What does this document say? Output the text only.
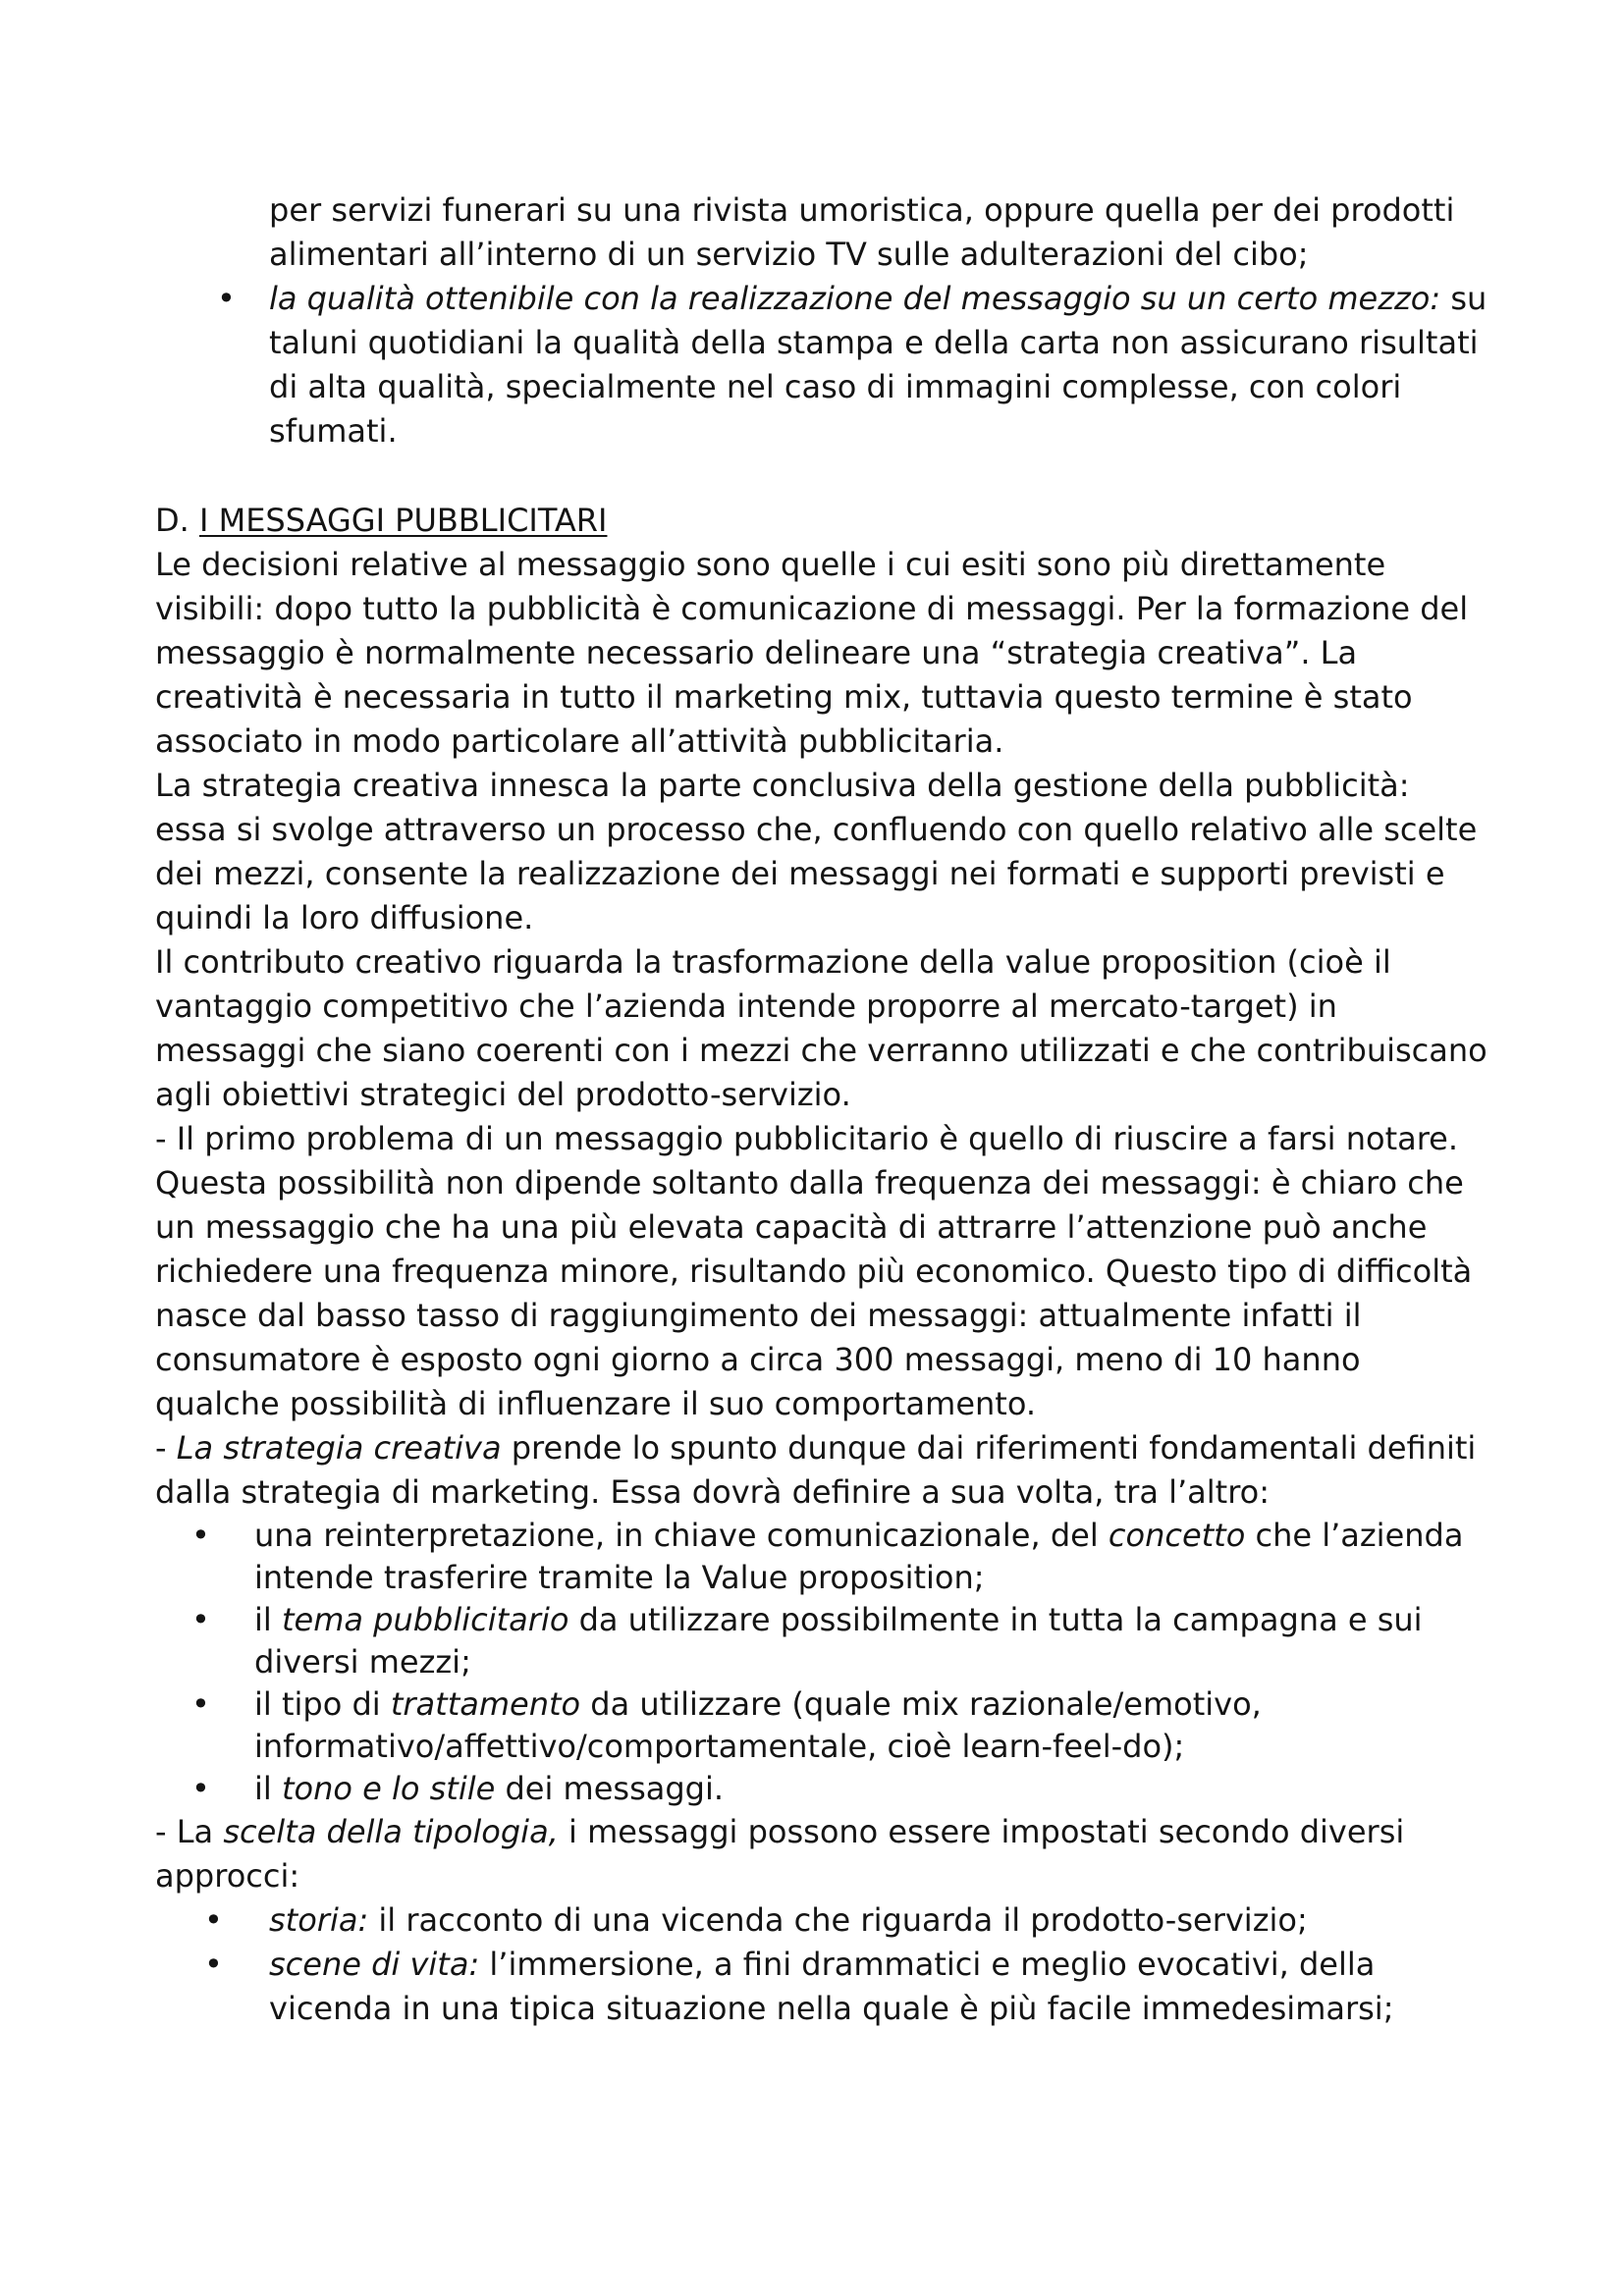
per servizi funerari su una rivista umoristica, oppure quella per dei prodotti alimentari all’interno di un servizio TV sulle adulterazioni del cibo;

• la qualità ottenibile con la realizzazione del messaggio su un certo mezzo: su taluni quotidiani la qualità della stampa e della carta non assicurano risultati di alta qualità, specialmente nel caso di immagini complesse, con colori sfumati.
D. I MESSAGGI PUBBLICITARI

Le decisioni relative al messaggio sono quelle i cui esiti sono più direttamente visibili: dopo tutto la pubblicità è comunicazione di messaggi. Per la formazione del messaggio è normalmente necessario delineare una “strategia creativa”. La creatività è necessaria in tutto il marketing mix, tuttavia questo termine è stato associato in modo particolare all’attività pubblicitaria.

La strategia creativa innesca la parte conclusiva della gestione della pubblicità: essa si svolge attraverso un processo che, confluendo con quello relativo alle scelte dei mezzi, consente la realizzazione dei messaggi nei formati e supporti previsti e quindi la loro diffusione.

Il contributo creativo riguarda la trasformazione della value proposition (cioè il vantaggio competitivo che l’azienda intende proporre al mercato-target) in messaggi che siano coerenti con i mezzi che verranno utilizzati e che contribuiscano agli obiettivi strategici del prodotto-servizio.

- Il primo problema di un messaggio pubblicitario è quello di riuscire a farsi notare. Questa possibilità non dipende soltanto dalla frequenza dei messaggi: è chiaro che un messaggio che ha una più elevata capacità di attrarre l’attenzione può anche richiedere una frequenza minore, risultando più economico. Questo tipo di difficoltà nasce dal basso tasso di raggiungimento dei messaggi: attualmente infatti il consumatore è esposto ogni giorno a circa 300 messaggi, meno di 10 hanno qualche possibilità di influenzare il suo comportamento.

- La strategia creativa prende lo spunto dunque dai riferimenti fondamentali definiti dalla strategia di marketing. Essa dovrà definire a sua volta, tra l’altro:

• una reinterpretazione, in chiave comunicazionale, del concetto che l’azienda intende trasferire tramite la Value proposition;
• il tema pubblicitario da utilizzare possibilmente in tutta la campagna e sui diversi mezzi;
• il tipo di trattamento da utilizzare (quale mix razionale/emotivo, informativo/affettivo/comportamentale, cioè learn-feel-do);
• il tono e lo stile dei messaggi.

- La scelta della tipologia, i messaggi possono essere impostati secondo diversi approcci:

• storia: il racconto di una vicenda che riguarda il prodotto-servizio;
• scene di vita: l’immersione, a fini drammatici e meglio evocativi, della vicenda in una tipica situazione nella quale è più facile immedesimarsi;
